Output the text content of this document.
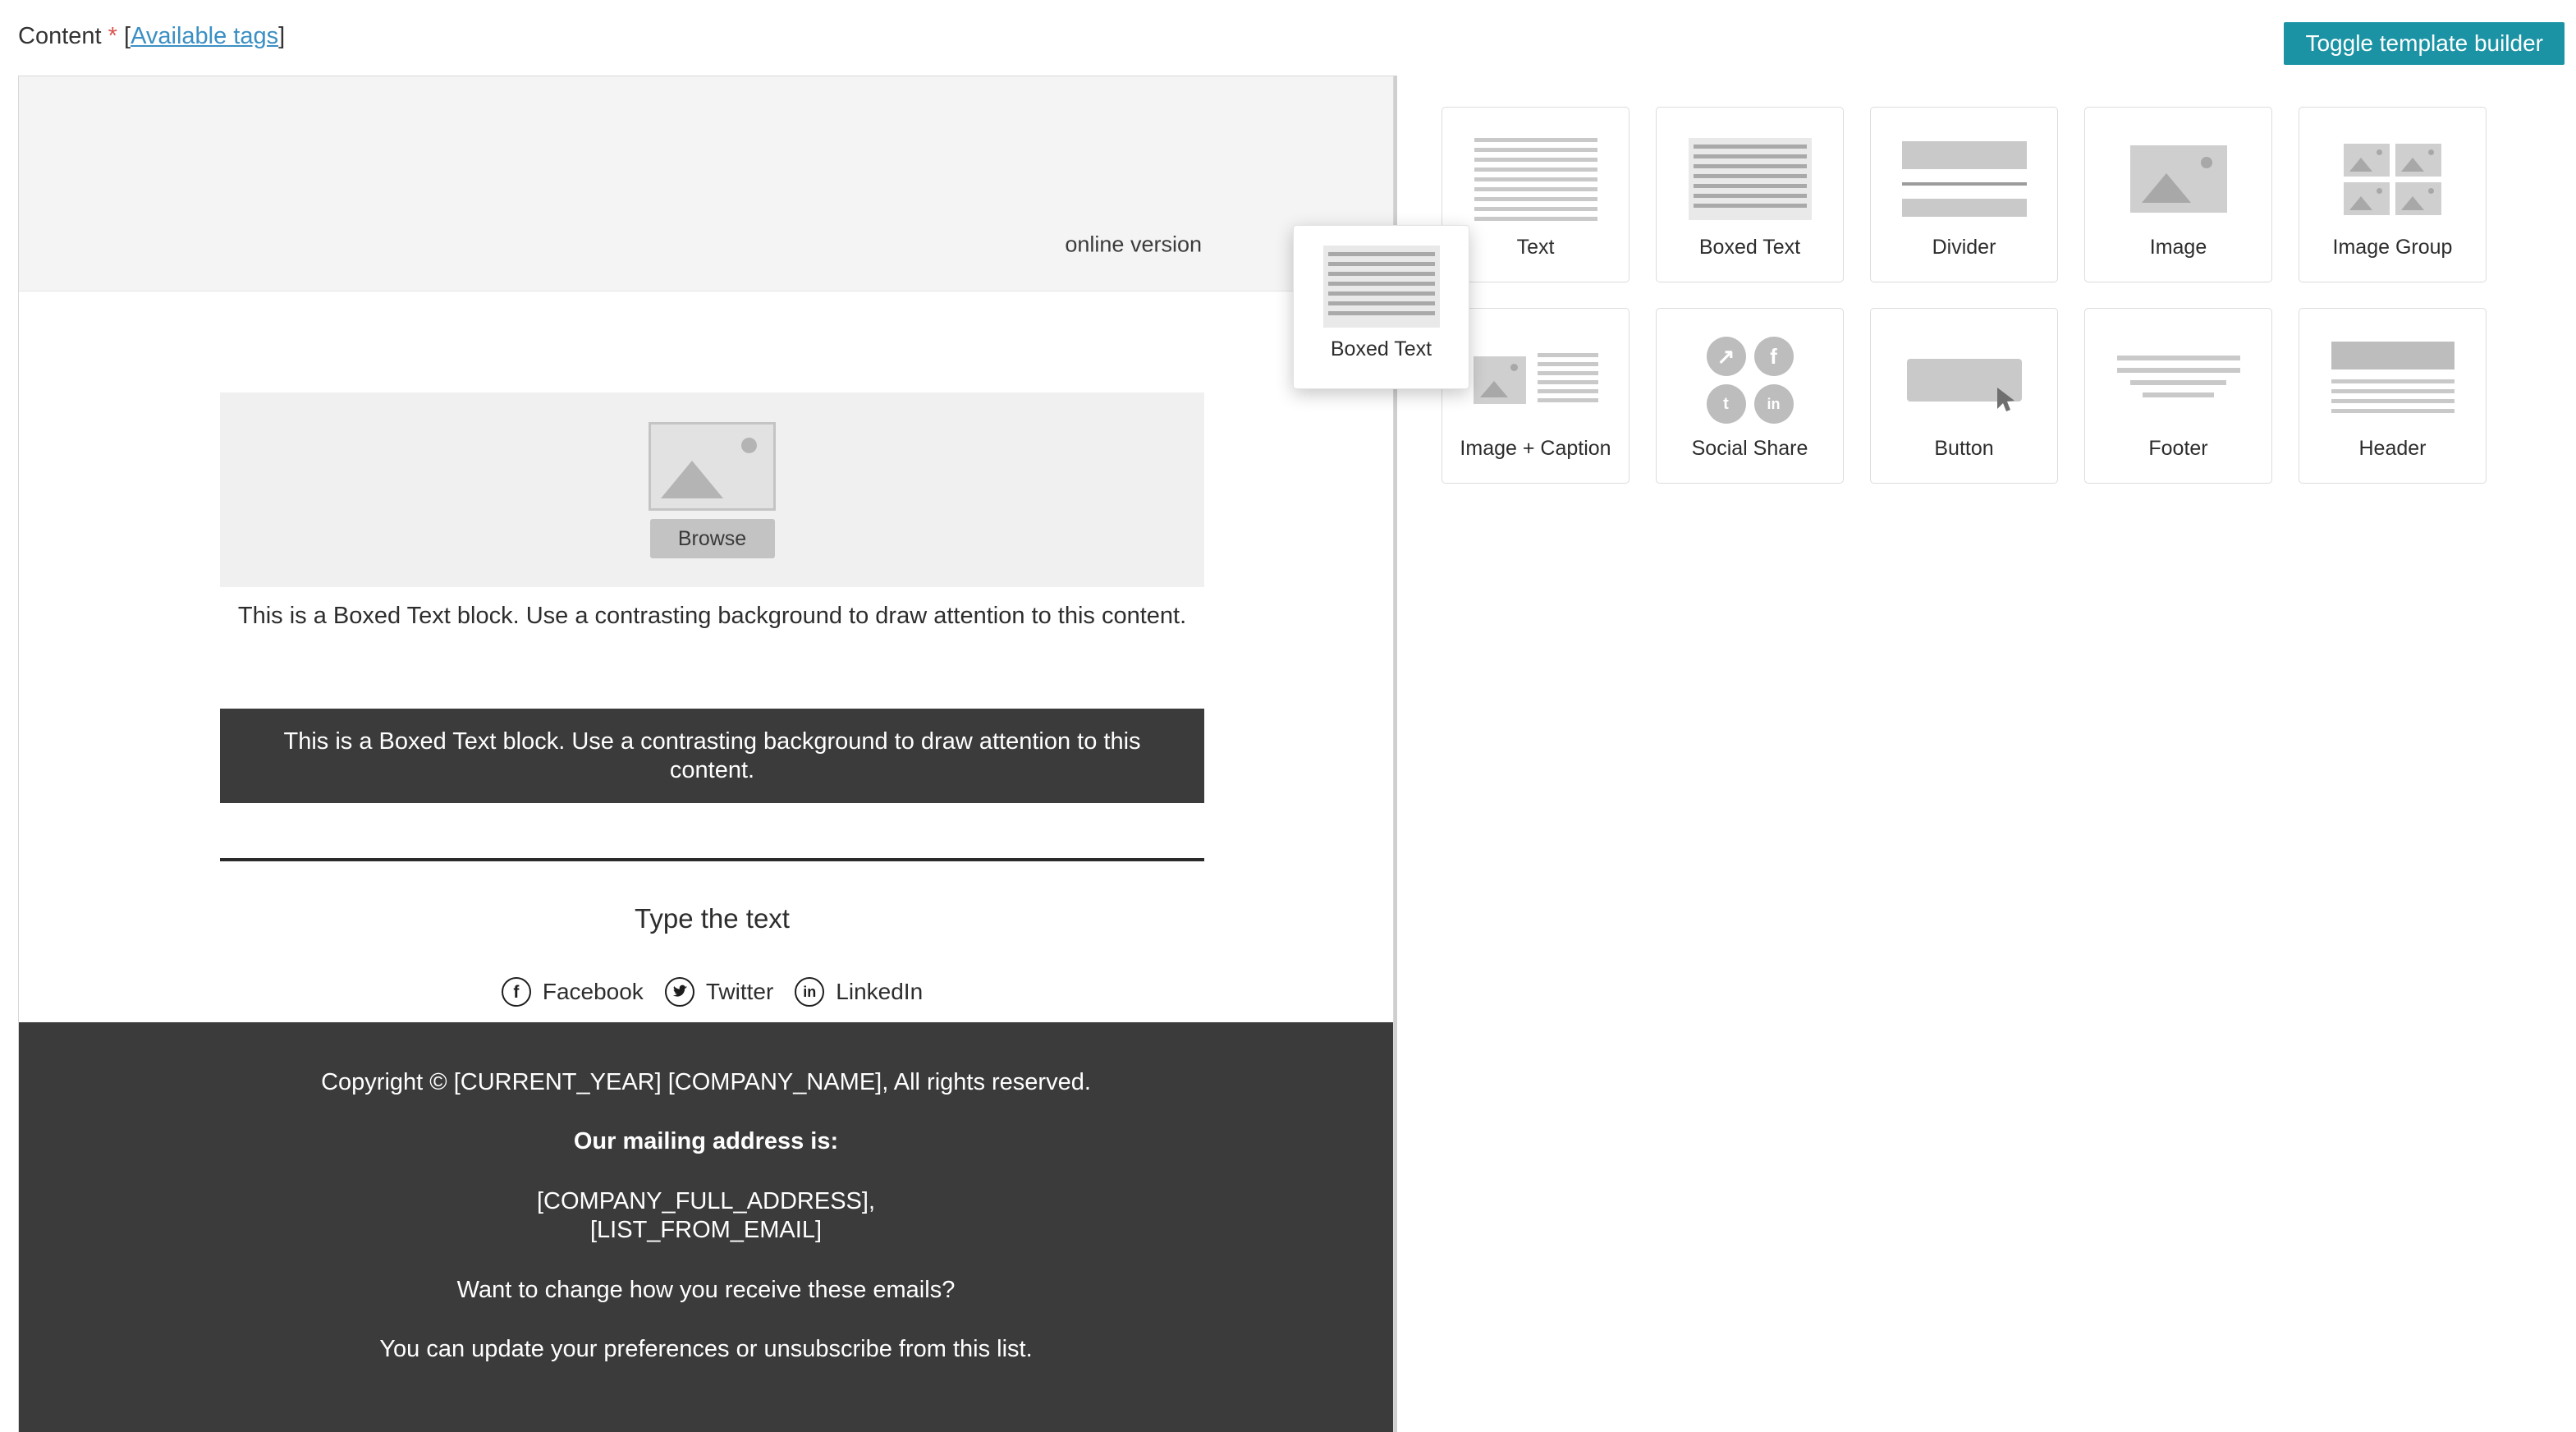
Content * [Available tags]	Toggle template builder
online version
Browse
This is a Boxed Text block. Use a contrasting background to draw attention to this content.
This is a Boxed Text block. Use a contrasting background to draw attention to this content.
Type the text
f	Facebook	Twitter	in LinkedIn

Copyright © [CURRENT_YEAR] [COMPANY_NAME], All rights reserved.

Our mailing address is:

[COMPANY_FULL_ADDRESS],

[LIST_FROM_EMAIL]

Want to change how you receive these emails?

You can update your preferences or unsubscribe from this list.

Text	Boxed Text	Divider	Image	Image Group
Image + Caption
↗	f
t	in
Social Share	Button	Footer	Header
Boxed Text
